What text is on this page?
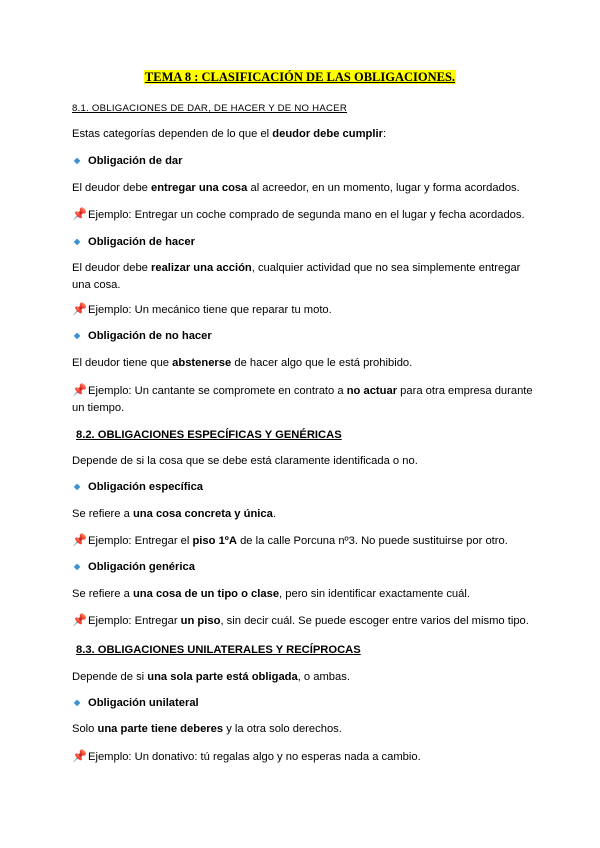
TEMA 8 : CLASIFICACIÓN DE LAS OBLIGACIONES.
8.1. OBLIGACIONES DE DAR, DE HACER Y DE NO HACER
Estas categorías dependen de lo que el deudor debe cumplir:
◆ Obligación de dar
El deudor debe entregar una cosa al acreedor, en un momento, lugar y forma acordados.
📌Ejemplo: Entregar un coche comprado de segunda mano en el lugar y fecha acordados.
◆ Obligación de hacer
El deudor debe realizar una acción, cualquier actividad que no sea simplemente entregar una cosa.
📌Ejemplo: Un mecánico tiene que reparar tu moto.
◆ Obligación de no hacer
El deudor tiene que abstenerse de hacer algo que le está prohibido.
📌Ejemplo: Un cantante se compromete en contrato a no actuar para otra empresa durante un tiempo.
8.2. OBLIGACIONES ESPECÍFICAS Y GENÉRICAS
Depende de si la cosa que se debe está claramente identificada o no.
◆ Obligación específica
Se refiere a una cosa concreta y única.
📌Ejemplo: Entregar el piso 1ºA de la calle Porcuna nº3. No puede sustituirse por otro.
◆ Obligación genérica
Se refiere a una cosa de un tipo o clase, pero sin identificar exactamente cuál.
📌Ejemplo: Entregar un piso, sin decir cuál. Se puede escoger entre varios del mismo tipo.
8.3. OBLIGACIONES UNILATERALES Y RECÍPROCAS
Depende de si una sola parte está obligada, o ambas.
◆ Obligación unilateral
Solo una parte tiene deberes y la otra solo derechos.
📌Ejemplo: Un donativo: tú regalas algo y no esperas nada a cambio.
